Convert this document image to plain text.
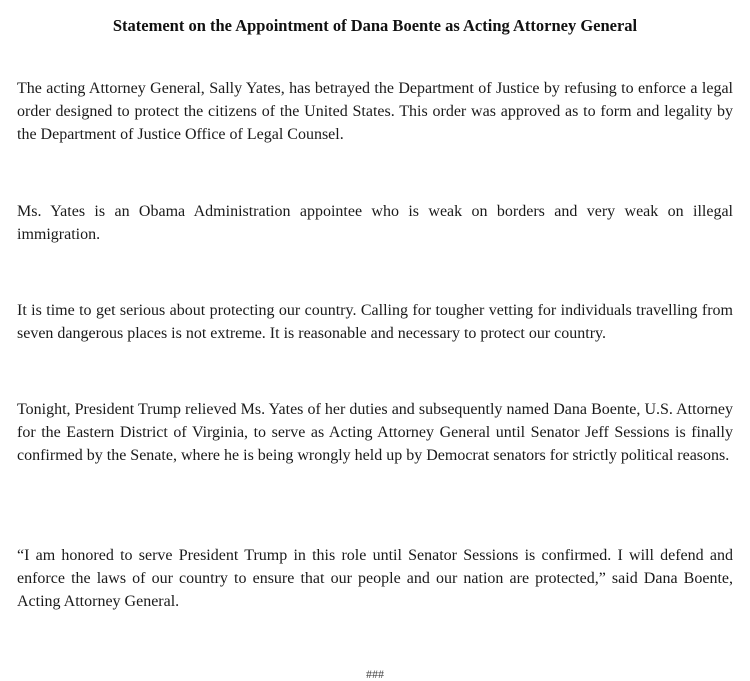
Statement on the Appointment of Dana Boente as Acting Attorney General
The acting Attorney General, Sally Yates, has betrayed the Department of Justice by refusing to enforce a legal order designed to protect the citizens of the United States. This order was approved as to form and legality by the Department of Justice Office of Legal Counsel.
Ms. Yates is an Obama Administration appointee who is weak on borders and very weak on illegal immigration.
It is time to get serious about protecting our country. Calling for tougher vetting for individuals travelling from seven dangerous places is not extreme. It is reasonable and necessary to protect our country.
Tonight, President Trump relieved Ms. Yates of her duties and subsequently named Dana Boente, U.S. Attorney for the Eastern District of Virginia, to serve as Acting Attorney General until Senator Jeff Sessions is finally confirmed by the Senate, where he is being wrongly held up by Democrat senators for strictly political reasons.
“I am honored to serve President Trump in this role until Senator Sessions is confirmed. I will defend and enforce the laws of our country to ensure that our people and our nation are protected,” said Dana Boente, Acting Attorney General.
###
